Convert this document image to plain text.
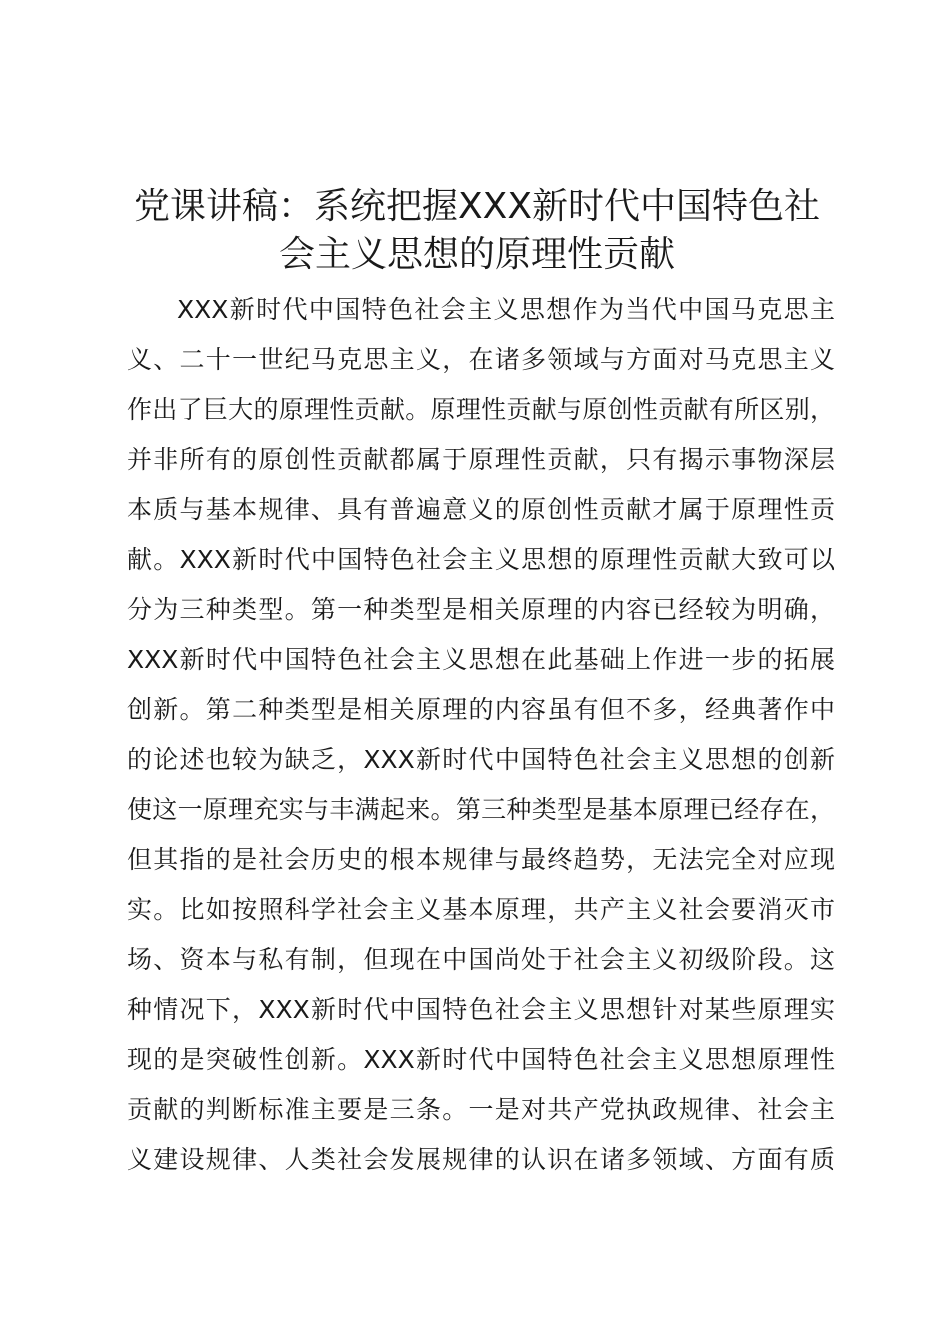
党课讲稿：系统把握XXX新时代中国特色社
会主义思想的原理性贡献
XXX新时代中国特色社会主义思想作为当代中国马克思主
义、二十一世纪马克思主义，在诸多领域与方面对马克思主义
作出了巨大的原理性贡献。原理性贡献与原创性贡献有所区别，
并非所有的原创性贡献都属于原理性贡献，只有揭示事物深层
本质与基本规律、具有普遍意义的原创性贡献才属于原理性贡
献。XXX新时代中国特色社会主义思想的原理性贡献大致可以
分为三种类型。第一种类型是相关原理的内容已经较为明确，
XXX新时代中国特色社会主义思想在此基础上作进一步的拓展
创新。第二种类型是相关原理的内容虽有但不多，经典著作中
的论述也较为缺乏，XXX新时代中国特色社会主义思想的创新
使这一原理充实与丰满起来。第三种类型是基本原理已经存在，
但其指的是社会历史的根本规律与最终趋势，无法完全对应现
实。比如按照科学社会主义基本原理，共产主义社会要消灭市
场、资本与私有制，但现在中国尚处于社会主义初级阶段。这
种情况下，XXX新时代中国特色社会主义思想针对某些原理实
现的是突破性创新。XXX新时代中国特色社会主义思想原理性
贡献的判断标准主要是三条。一是对共产党执政规律、社会主
义建设规律、人类社会发展规律的认识在诸多领域、方面有质
